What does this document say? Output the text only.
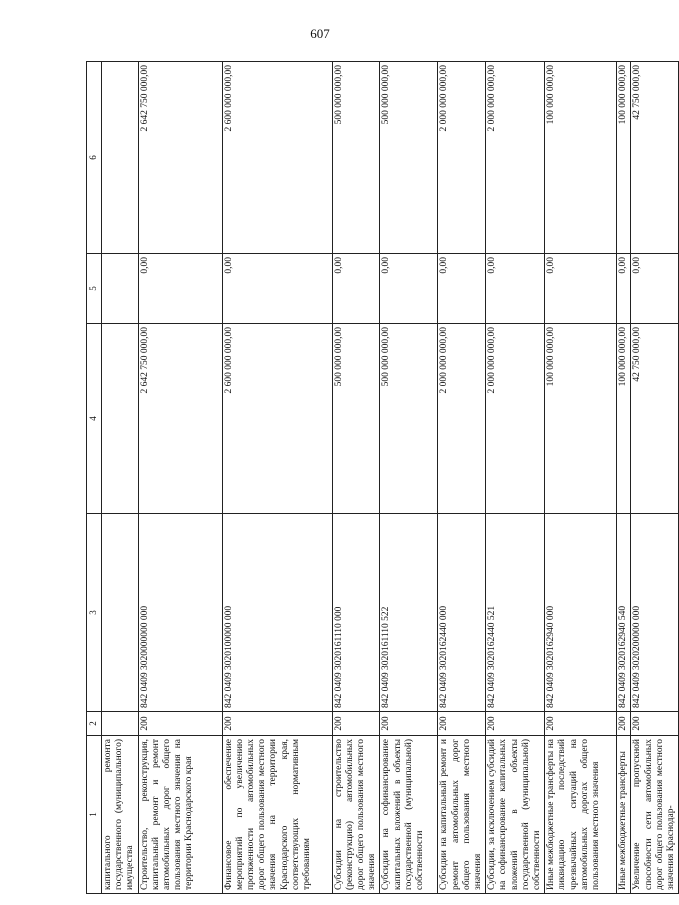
607
1	2	3	4	5	6
капитального ремонта государственного (муниципального) имущества					
Строительство, реконструкция, капитальный ремонт и ремонт автомобильных дорог общего пользования местного значения на территории Краснодарского края	200	842 0409 3020000000 000	2 642 750 000,00	0,00	2 642 750 000,00
Финансовое обеспечение мероприятий по увеличению протяженности автомобильных дорог общего пользования местного значения на территории Краснодарского края, соответствующих нормативным требованиям	200	842 0409 3020100000 000	2 600 000 000,00	0,00	2 600 000 000,00
Субсидии на строительство (реконструкцию) автомобильных дорог общего пользования местного значения	200	842 0409 3020161110 000	500 000 000,00	0,00	500 000 000,00
Субсидии на софинансирование капитальных вложений в объекты государственной (муниципальной) собственности	200	842 0409 3020161110 522	500 000 000,00	0,00	500 000 000,00
Субсидии на капитальный ремонт и ремонт автомобильных дорог общего пользования местного значения	200	842 0409 3020162440 000	2 000 000 000,00	0,00	2 000 000 000,00
Субсидии, за исключением субсидий на софинансирование капитальных вложений в объекты государственной (муниципальной) собственности	200	842 0409 3020162440 521	2 000 000 000,00	0,00	2 000 000 000,00
Иные межбюджетные трансферты на ликвидацию последствий чрезвычайных ситуаций на автомобильных дорогах общего пользования местного значения	200	842 0409 3020162940 000	100 000 000,00	0,00	100 000 000,00
Иные межбюджетные трансферты	200	842 0409 3020162940 540	100 000 000,00	0,00	100 000 000,00
Увеличение пропускной способности сети автомобильных дорог общего пользования местного значения Краснодар-	200	842 0409 3020200000 000	42 750 000,00	0,00	42 750 000,00
